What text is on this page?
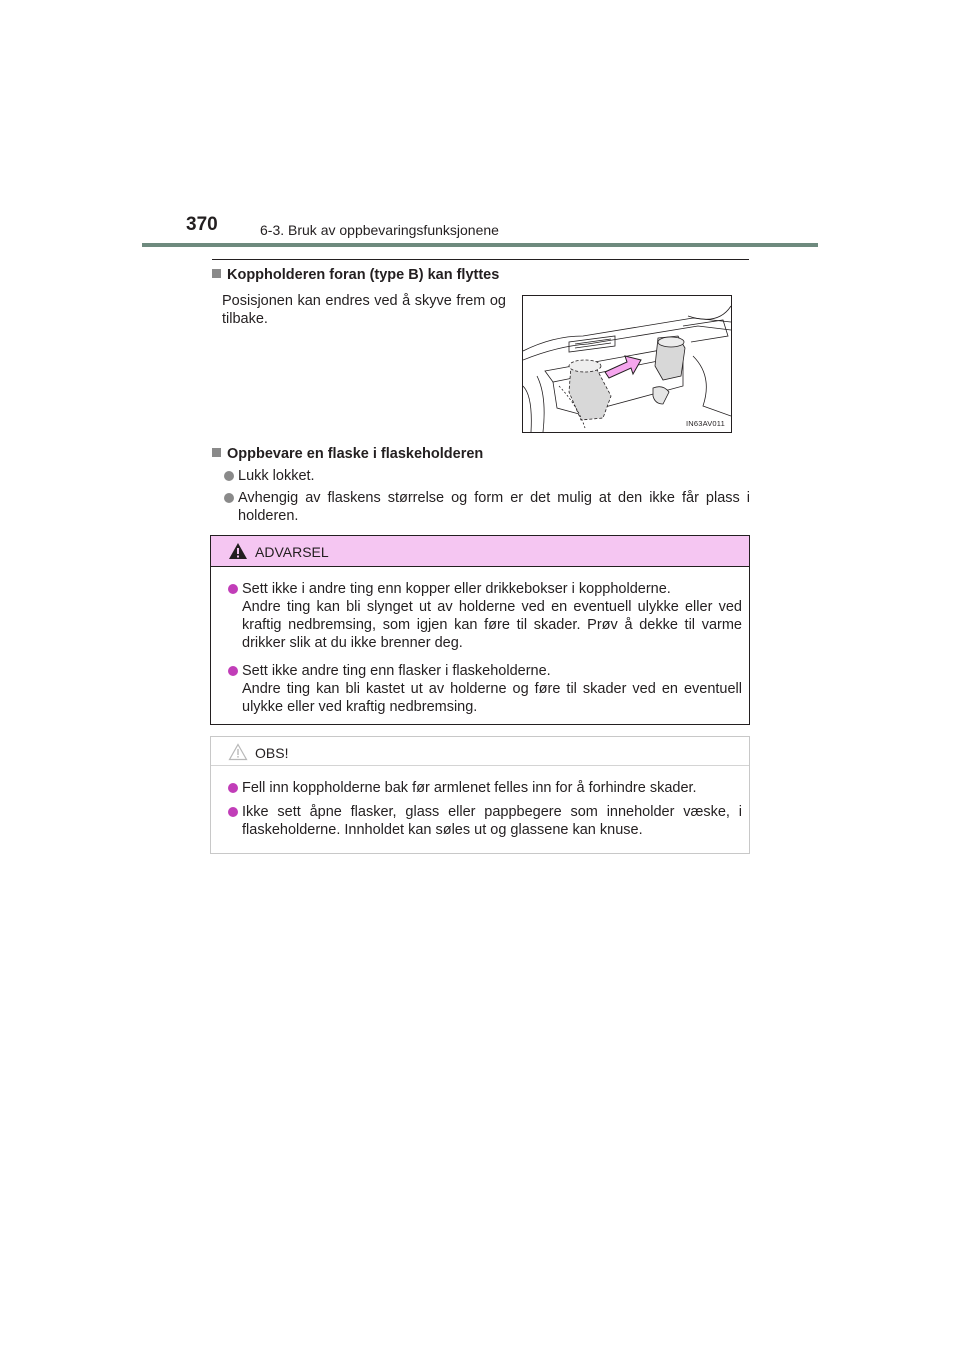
370	6-3. Bruk av oppbevaringsfunksjonene
Koppholderen foran (type B) kan flyttes
Posisjonen kan endres ved å skyve frem og tilbake.
IN63AV011
Oppbevare en flaske i flaskeholderen
Lukk lokket.
Avhengig av flaskens størrelse og form er det mulig at den ikke får plass i holderen.
ADVARSEL
Sett ikke i andre ting enn kopper eller drikkebokser i koppholderne.
Andre ting kan bli slynget ut av holderne ved en eventuell ulykke eller ved kraftig nedbremsing, som igjen kan føre til skader. Prøv å dekke til varme drikker slik at du ikke brenner deg.
Sett ikke andre ting enn flasker i flaskeholderne.
Andre ting kan bli kastet ut av holderne og føre til skader ved en eventuell ulykke eller ved kraftig nedbremsing.
OBS!
Fell inn koppholderne bak før armlenet felles inn for å forhindre skader.
Ikke sett åpne flasker, glass eller pappbegere som inneholder væske, i flaskeholderne. Innholdet kan søles ut og glassene kan knuse.
